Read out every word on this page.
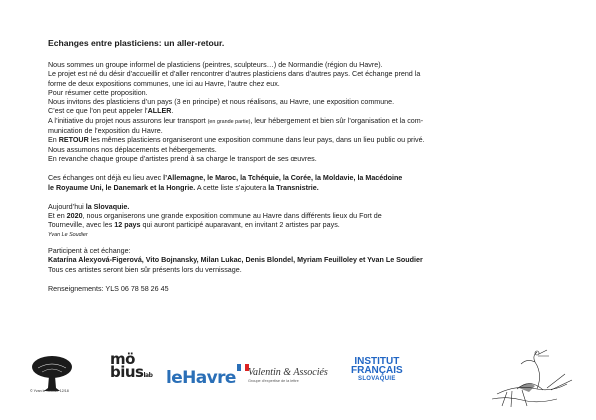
Echanges entre plasticiens: un aller-retour.

Nous sommes un groupe informel de plasticiens (peintres, sculpteurs…) de Normandie (région du Havre).

Le projet est né du désir d’accueillir et d’aller rencontrer d’autres plasticiens dans d’autres pays. Cet échange prend la

forme de deux expositions communes, une ici au Havre, l’autre chez eux.

Pour résumer cette proposition.

Nous invitons des plasticiens d’un pays (3 en principe) et nous réalisons, au Havre, une exposition commune.

C’est ce que l’on peut appeler l’ALLER.

A l’initiative du projet nous assurons leur transport (en grande partie), leur hébergement et bien sûr l’organisation et la com-

munication de l’exposition du Havre.

En RETOUR les mêmes plasticiens organiseront une exposition commune dans leur pays, dans un lieu public ou privé.

Nous assumons nos déplacements et hébergements.

En revanche chaque groupe d’artistes prend à sa charge le transport de ses œuvres.

Ces échanges ont déjà eu lieu avec l’Allemagne, le Maroc, la Tchéquie, la Corée, la Moldavie, la Macédoine

le Royaume Uni, le Danemark et la Hongrie. A cette liste s’ajoutera la Transnistrie.

Aujourd’hui la Slovaquie.

Et en 2020, nous organiserons une grande exposition commune au Havre dans différents lieux du Fort de

Tourneville, avec les 12 pays qui auront participé auparavant, en invitant 2 artistes par pays.

Yvan Le Soudier

Participent à cet échange:

Katarína Alexyová-Figerová, Vito Bojnansky, Milan Lukac, Denis Blondel, Myriam Feuilloley et Yvan Le Soudier

Tous ces artistes seront bien sûr présents lors du vernissage.

Renseignements: YLS 06 78 58 26 45

© Yvan le Soudier 12/18
mö
biuslab leHavre	Valentin & Associés
Groupe d'expertise de la lettre
INSTITUT
FRANÇAIS
SLOVAQUIE
